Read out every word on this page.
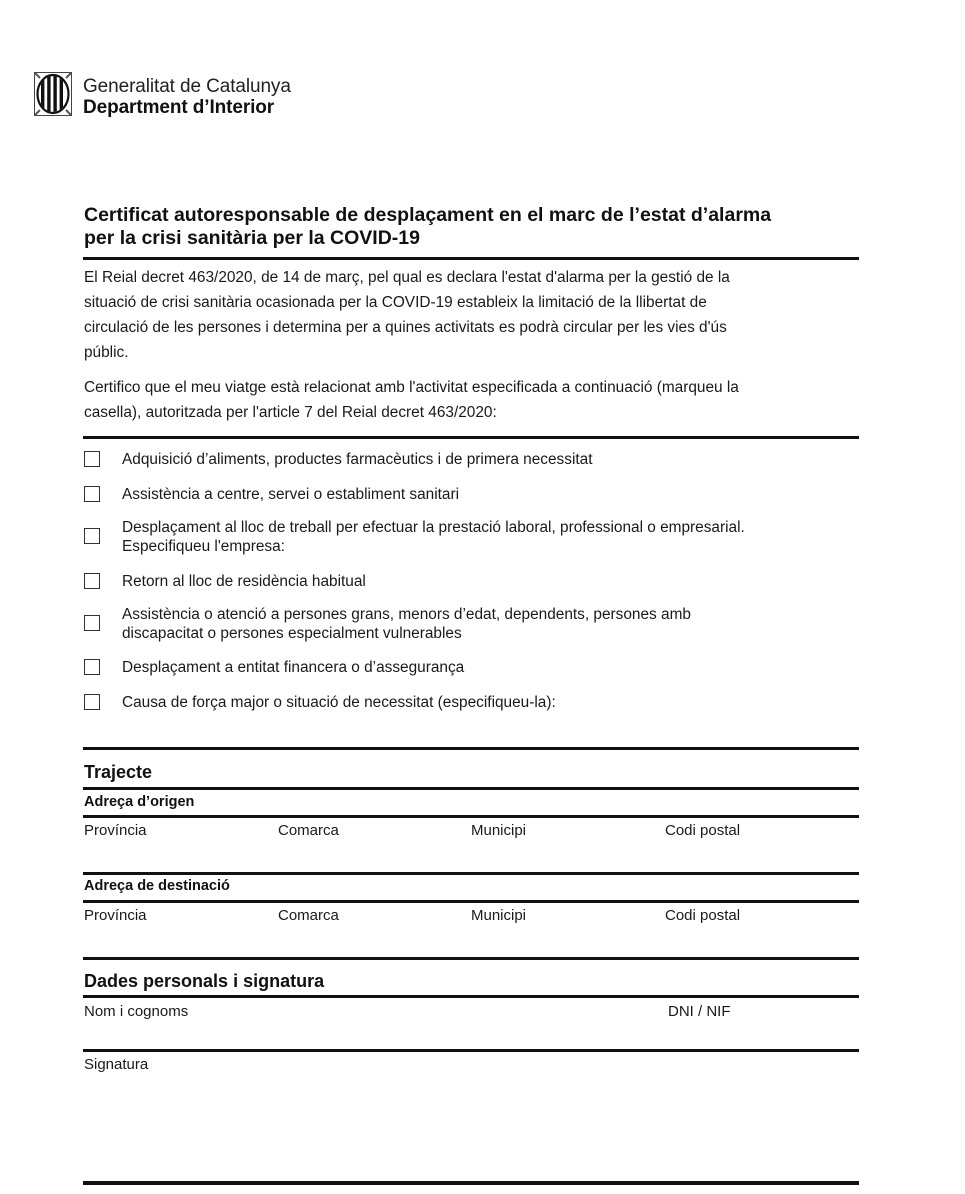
Generalitat de Catalunya
Department d’Interior
Certificat autoresponsable de desplaçament en el marc de l’estat d’alarma
per la crisi sanitària per la COVID-19
El Reial decret 463/2020, de 14 de març, pel qual es declara l'estat d'alarma per la gestió de la
situació de crisi sanitària ocasionada per la COVID-19 estableix la limitació de la llibertat de
circulació de les persones i determina per a quines activitats es podrà circular per les vies d'ús
públic.
Certifico que el meu viatge està relacionat amb l'activitat especificada a continuació (marqueu la
casella), autoritzada per l'article 7 del Reial decret 463/2020:
Adquisició d’aliments, productes farmacèutics i de primera necessitat
Assistència a centre, servei o establiment sanitari
Desplaçament al lloc de treball per efectuar la prestació laboral, professional o empresarial.
Especifiqueu l'empresa:
Retorn al lloc de residència habitual
Assistència o atenció a persones grans, menors d’edat, dependents, persones amb
discapacitat o persones especialment vulnerables
Desplaçament a entitat financera o d’assegurança
Causa de força major o situació de necessitat (especifiqueu-la):
Trajecte
Adreça d’origen
Província	Comarca	Municipi	Codi postal
Adreça de destinació
Província	Comarca	Municipi	Codi postal
Dades personals i signatura
Nom i cognoms	DNI / NIF
Signatura
